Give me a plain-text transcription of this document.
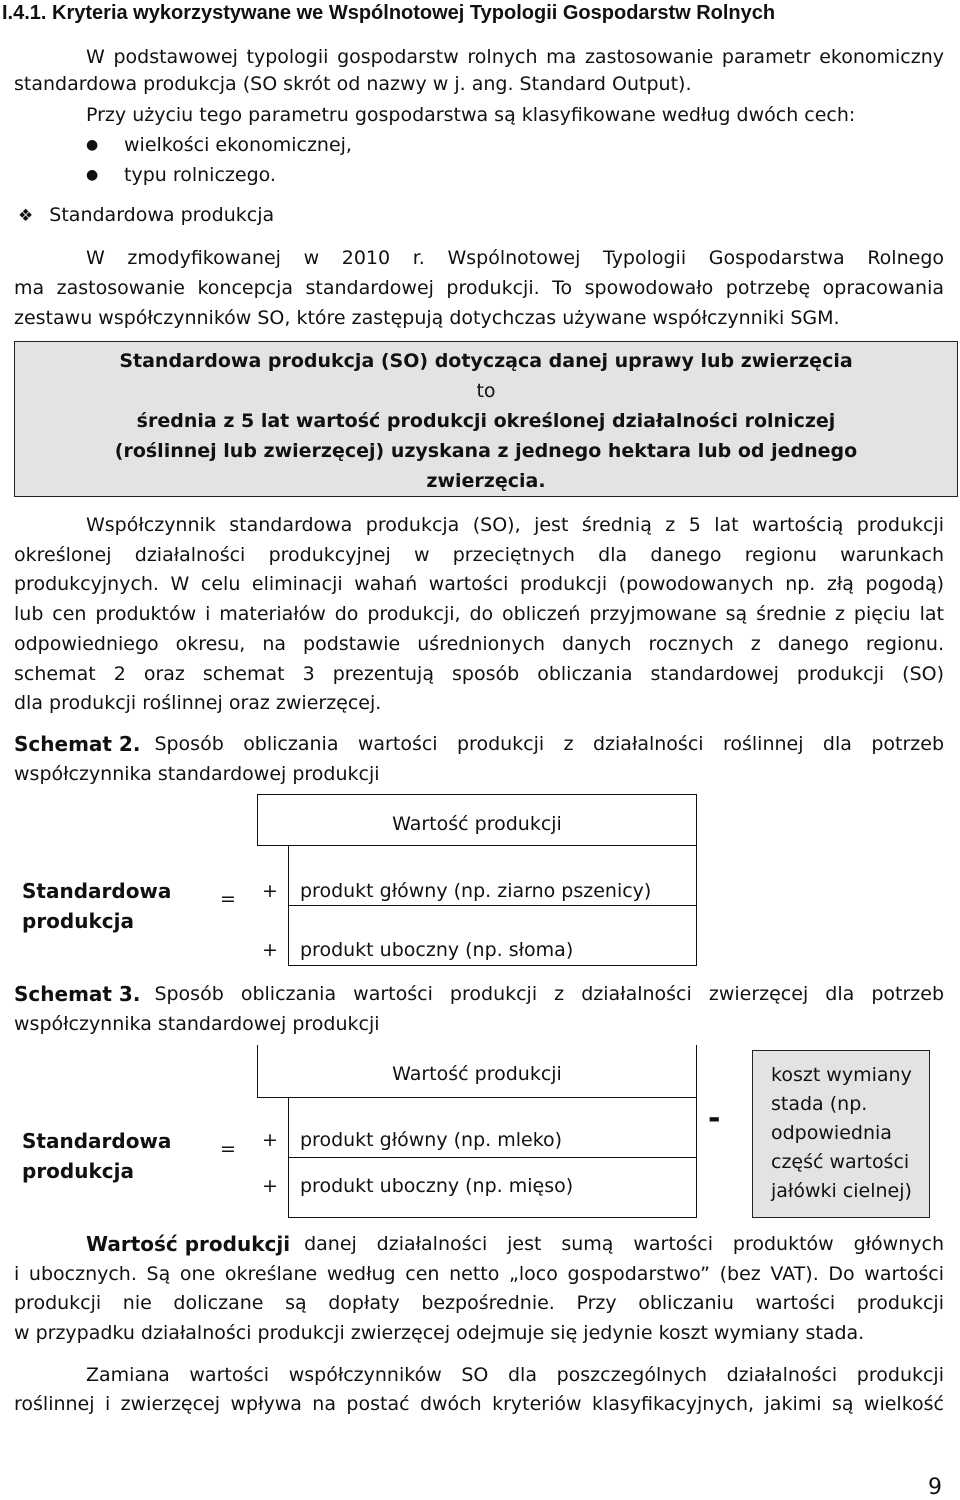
I.4.1. Kryteria wykorzystywane we Wspólnotowej Typologii Gospodarstw Rolnych
W podstawowej typologii gospodarstw rolnych ma zastosowanie parametr ekonomiczny
standardowa produkcja (SO skrót od nazwy w j. ang. Standard Output).
Przy użyciu tego parametru gospodarstwa są klasyfikowane według dwóch cech:
● wielkości ekonomicznej,
● typu rolniczego.
❖ Standardowa produkcja
W zmodyfikowanej w 2010 r. Wspólnotowej Typologii Gospodarstwa Rolnego
ma zastosowanie koncepcja standardowej produkcji. To spowodowało potrzebę opracowania
zestawu współczynników SO, które zastępują dotychczas używane współczynniki SGM.
Standardowa produkcja (SO) dotycząca danej uprawy lub zwierzęcia
to
średnia z 5 lat wartość produkcji określonej działalności rolniczej
(roślinnej lub zwierzęcej) uzyskana z jednego hektara lub od jednego
zwierzęcia.
Współczynnik standardowa produkcja (SO), jest średnią z 5 lat wartością produkcji
określonej działalności produkcyjnej w przeciętnych dla danego regionu warunkach
produkcyjnych. W celu eliminacji wahań wartości produkcji (powodowanych np. złą pogodą)
lub cen produktów i materiałów do produkcji, do obliczeń przyjmowane są średnie z pięciu lat
odpowiedniego okresu, na podstawie uśrednionych danych rocznych z danego regionu.
schemat 2 oraz schemat 3 prezentują sposób obliczania standardowej produkcji (SO)
dla produkcji roślinnej oraz zwierzęcej.
Schemat 2. Sposób obliczania wartości produkcji z działalności roślinnej dla potrzeb
współczynnika standardowej produkcji
Wartość produkcji
Standardowa
produkcja
= + produkt główny (np. ziarno pszenicy)
+ produkt uboczny (np. słoma)
Schemat 3. Sposób obliczania wartości produkcji z działalności zwierzęcej dla potrzeb
współczynnika standardowej produkcji
Wartość produkcji
Standardowa
produkcja
= + produkt główny (np. mleko)
+ produkt uboczny (np. mięso)
-
koszt wymiany
stada (np.
odpowiednia
część wartości
jałówki cielnej)
Wartość produkcji danej działalności jest sumą wartości produktów głównych
i ubocznych. Są one określane według cen netto „loco gospodarstwo” (bez VAT). Do wartości
produkcji nie doliczane są dopłaty bezpośrednie. Przy obliczaniu wartości produkcji
w przypadku działalności produkcji zwierzęcej odejmuje się jedynie koszt wymiany stada.
Zamiana wartości współczynników SO dla poszczególnych działalności produkcji
roślinnej i zwierzęcej wpływa na postać dwóch kryteriów klasyfikacyjnych, jakimi są wielkość
9
